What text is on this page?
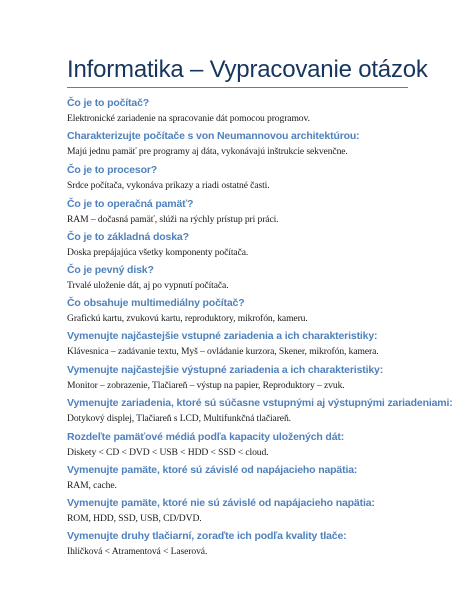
Informatika – Vypracovanie otázok
Čo je to počítač?
Elektronické zariadenie na spracovanie dát pomocou programov.
Charakterizujte počítače s von Neumannovou architektúrou:
Majú jednu pamäť pre programy aj dáta, vykonávajú inštrukcie sekvenčne.
Čo je to procesor?
Srdce počítača, vykonáva príkazy a riadi ostatné časti.
Čo je to operačná pamäť?
RAM – dočasná pamäť, slúži na rýchly prístup pri práci.
Čo je to základná doska?
Doska prepájajúca všetky komponenty počítača.
Čo je pevný disk?
Trvalé uloženie dát, aj po vypnutí počítača.
Čo obsahuje multimediálny počítač?
Grafickú kartu, zvukovú kartu, reproduktory, mikrofón, kameru.
Vymenujte najčastejšie vstupné zariadenia a ich charakteristiky:
Klávesnica – zadávanie textu, Myš – ovládanie kurzora, Skener, mikrofón, kamera.
Vymenujte najčastejšie výstupné zariadenia a ich charakteristiky:
Monitor – zobrazenie, Tlačiareň – výstup na papier, Reproduktory – zvuk.
Vymenujte zariadenia, ktoré sú súčasne vstupnými aj výstupnými zariadeniami:
Dotykový displej, Tlačiareň s LCD, Multifunkčná tlačiareň.
Rozdeľte pamäťové médiá podľa kapacity uložených dát:
Diskety < CD < DVD < USB < HDD < SSD < cloud.
Vymenujte pamäte, ktoré sú závislé od napájacieho napätia:
RAM, cache.
Vymenujte pamäte, ktoré nie sú závislé od napájacieho napätia:
ROM, HDD, SSD, USB, CD/DVD.
Vymenujte druhy tlačiarní, zoraďte ich podľa kvality tlače:
Ihličková < Atramentová < Laserová.
